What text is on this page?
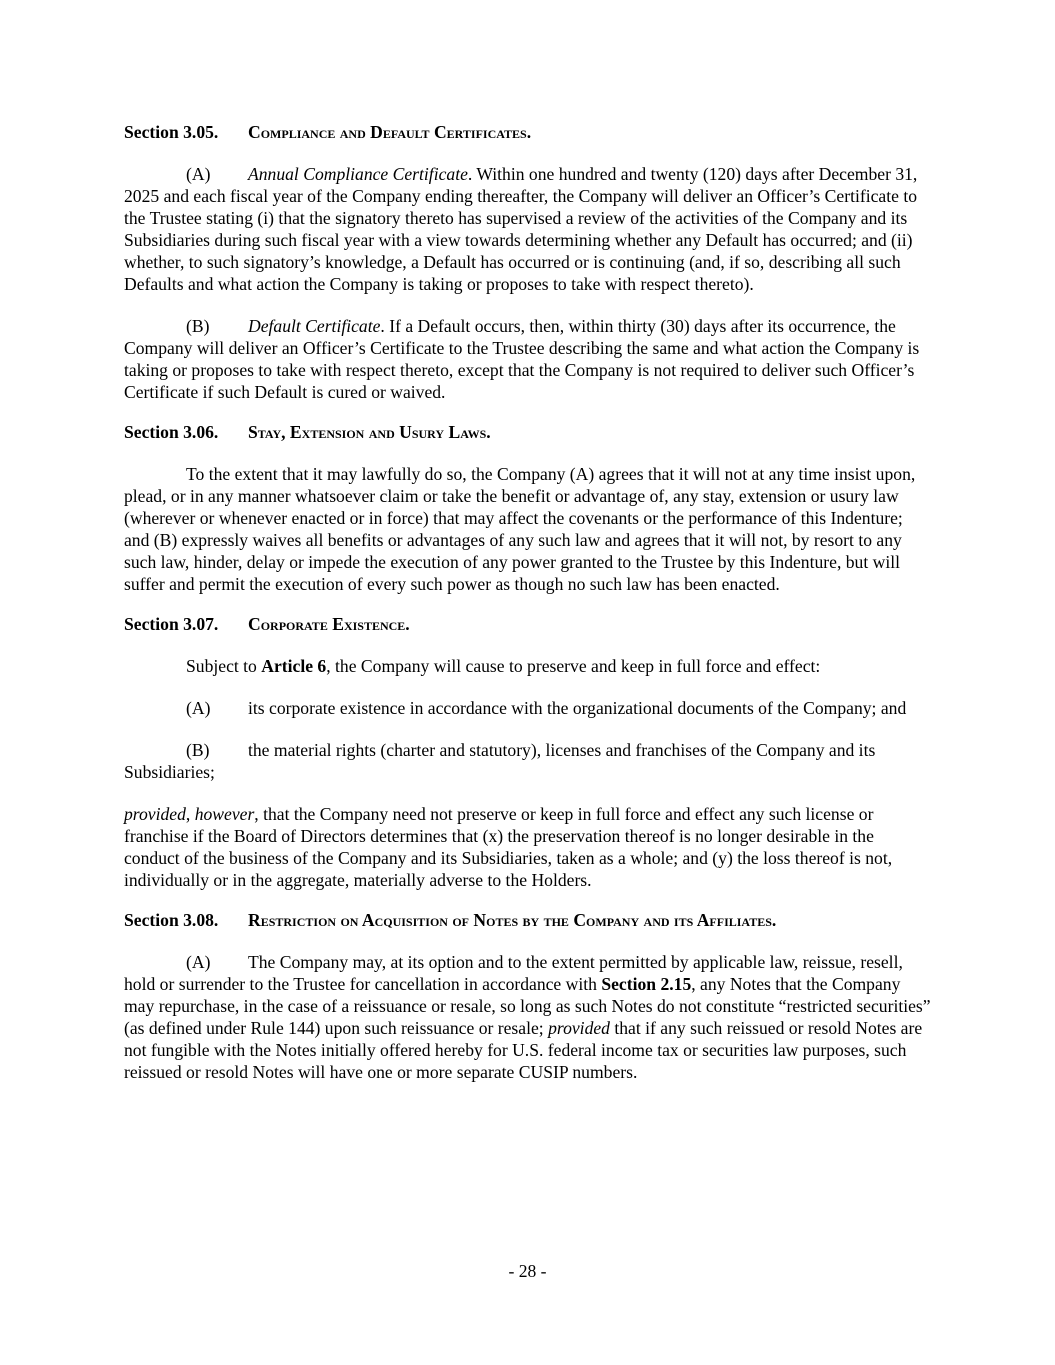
Section 3.05. Compliance and Default Certificates.

(A) Annual Compliance Certificate. Within one hundred and twenty (120) days after December 31, 2025 and each fiscal year of the Company ending thereafter, the Company will deliver an Officer’s Certificate to the Trustee stating (i) that the signatory thereto has supervised a review of the activities of the Company and its Subsidiaries during such fiscal year with a view towards determining whether any Default has occurred; and (ii) whether, to such signatory’s knowledge, a Default has occurred or is continuing (and, if so, describing all such Defaults and what action the Company is taking or proposes to take with respect thereto).

(B) Default Certificate. If a Default occurs, then, within thirty (30) days after its occurrence, the Company will deliver an Officer’s Certificate to the Trustee describing the same and what action the Company is taking or proposes to take with respect thereto, except that the Company is not required to deliver such Officer’s Certificate if such Default is cured or waived.

Section 3.06. Stay, Extension and Usury Laws.

To the extent that it may lawfully do so, the Company (A) agrees that it will not at any time insist upon, plead, or in any manner whatsoever claim or take the benefit or advantage of, any stay, extension or usury law (wherever or whenever enacted or in force) that may affect the covenants or the performance of this Indenture; and (B) expressly waives all benefits or advantages of any such law and agrees that it will not, by resort to any such law, hinder, delay or impede the execution of any power granted to the Trustee by this Indenture, but will suffer and permit the execution of every such power as though no such law has been enacted.

Section 3.07. Corporate Existence.

Subject to Article 6, the Company will cause to preserve and keep in full force and effect:

(A) its corporate existence in accordance with the organizational documents of the Company; and

(B) the material rights (charter and statutory), licenses and franchises of the Company and its Subsidiaries;

provided, however, that the Company need not preserve or keep in full force and effect any such license or franchise if the Board of Directors determines that (x) the preservation thereof is no longer desirable in the conduct of the business of the Company and its Subsidiaries, taken as a whole; and (y) the loss thereof is not, individually or in the aggregate, materially adverse to the Holders.

Section 3.08. Restriction on Acquisition of Notes by the Company and its Affiliates.

(A) The Company may, at its option and to the extent permitted by applicable law, reissue, resell, hold or surrender to the Trustee for cancellation in accordance with Section 2.15, any Notes that the Company may repurchase, in the case of a reissuance or resale, so long as such Notes do not constitute “restricted securities” (as defined under Rule 144) upon such reissuance or resale; provided that if any such reissued or resold Notes are not fungible with the Notes initially offered hereby for U.S. federal income tax or securities law purposes, such reissued or resold Notes will have one or more separate CUSIP numbers.

- 28 -
